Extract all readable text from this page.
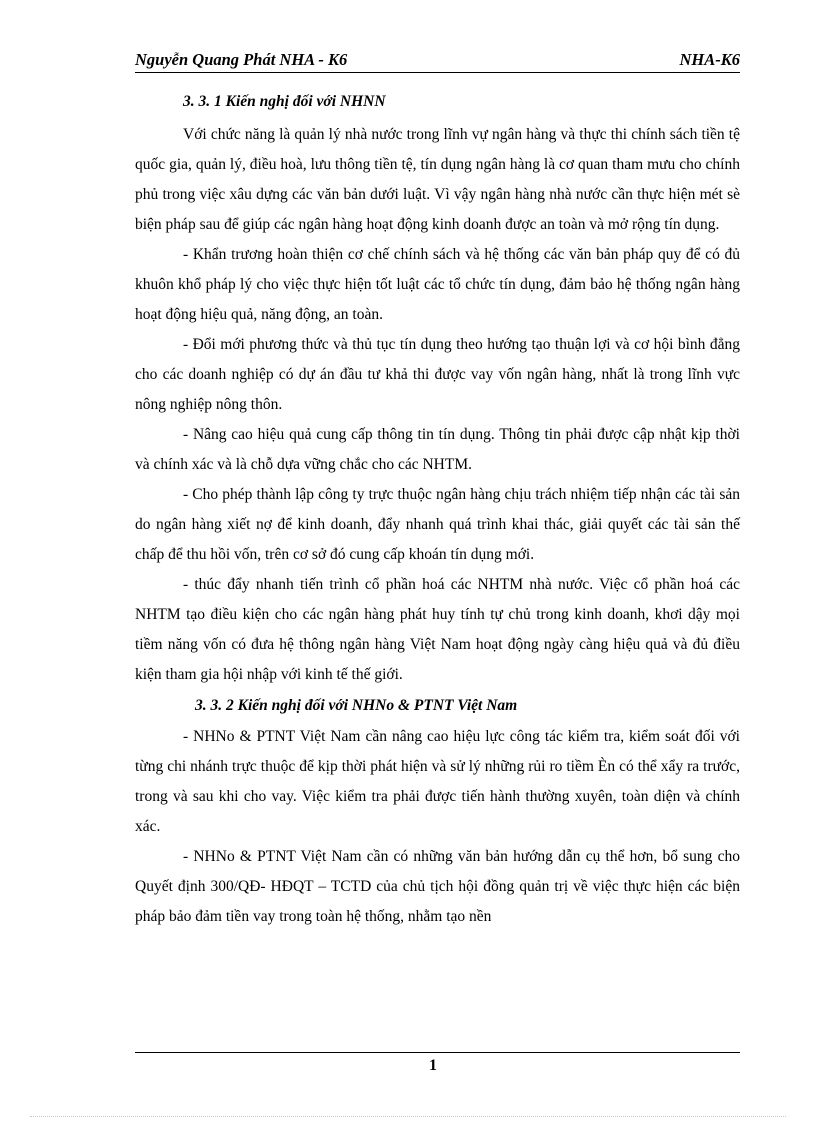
Nguyễn Quang Phát NHA - K6	NHA-K6
3. 3. 1 Kiến nghị đối với NHNN

Với chức năng là quản lý nhà nước trong lĩnh vự ngân hàng và thực thi chính sách tiền tệ quốc gia, quản lý, điều hoà, lưu thông tiền tệ, tín dụng ngân hàng là cơ quan tham mưu cho chính phủ trong việc xâu dựng các văn bản dưới luật. Vì vậy ngân hàng nhà nước cần thực hiện mét sè biện pháp sau để giúp các ngân hàng hoạt động kinh doanh được an toàn và mở rộng tín dụng.

- Khẩn trương hoàn thiện cơ chế chính sách và hệ thống các văn bản pháp quy để có đủ khuôn khổ pháp lý cho việc thực hiện tốt luật các tổ chức tín dụng, đảm bảo hệ thống ngân hàng hoạt động hiệu quả, năng động, an toàn.

- Đổi mới phương thức và thủ tục tín dụng theo hướng tạo thuận lợi và cơ hội bình đẳng cho các doanh nghiệp có dự án đầu tư khả thi được vay vốn ngân hàng, nhất là trong lĩnh vực nông nghiệp nông thôn.

- Nâng cao hiệu quả cung cấp thông tin tín dụng. Thông tin phải được cập nhật kịp thời và chính xác và là chỗ dựa vững chắc cho các NHTM.

- Cho phép thành lập công ty trực thuộc ngân hàng chịu trách nhiệm tiếp nhận các tài sản do ngân hàng xiết nợ để kinh doanh, đẩy nhanh quá trình khai thác, giải quyết các tài sản thế chấp để thu hồi vốn, trên cơ sở đó cung cấp khoán tín dụng mới.

- thúc đẩy nhanh tiến trình cổ phần hoá các NHTM nhà nước. Việc cổ phần hoá các NHTM tạo điều kiện cho các ngân hàng phát huy tính tự chủ trong kinh doanh, khơi dậy mọi tiềm năng vốn có đưa hệ thông ngân hàng Việt Nam hoạt động ngày càng hiệu quả và đủ điều kiện tham gia hội nhập với kinh tế thế giới.

3. 3. 2 Kiến nghị đối với NHNo & PTNT Việt Nam

- NHNo & PTNT Việt Nam cần nâng cao hiệu lực công tác kiểm tra, kiểm soát đối với từng chi nhánh trực thuộc để kịp thời phát hiện và sử lý những rủi ro tiềm Èn có thể xẩy ra trước, trong và sau khi cho vay. Việc kiểm tra phải được tiến hành thường xuyên, toàn diện và chính xác.

- NHNo & PTNT Việt Nam cần có những văn bản hướng dẫn cụ thể hơn, bổ sung cho Quyết định 300/QĐ- HĐQT – TCTD của chủ tịch hội đồng quản trị về việc thực hiện các biện pháp bảo đảm tiền vay trong toàn hệ thống, nhằm tạo nền

1
